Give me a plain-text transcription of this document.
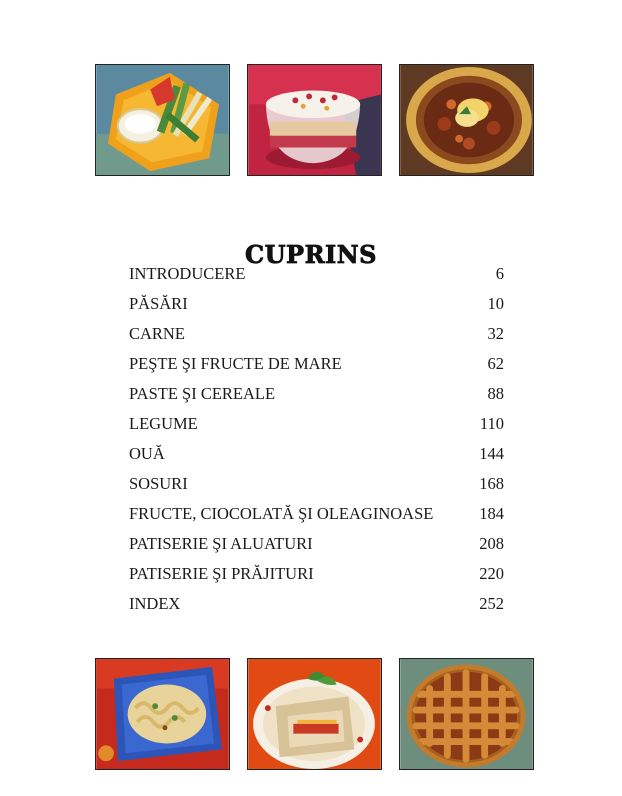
CUPRINS
INTRODUCERE	6
PĂSĂRI	10
CARNE	32
PEŞTE ŞI FRUCTE DE MARE	62
PASTE ŞI CEREALE	88
LEGUME	110
OUĂ	144
SOSURI	168
FRUCTE, CIOCOLATĂ ŞI OLEAGINOASE	184
PATISERIE ŞI ALUATURI	208
PATISERIE ŞI PRĂJITURI	220
INDEX	252
